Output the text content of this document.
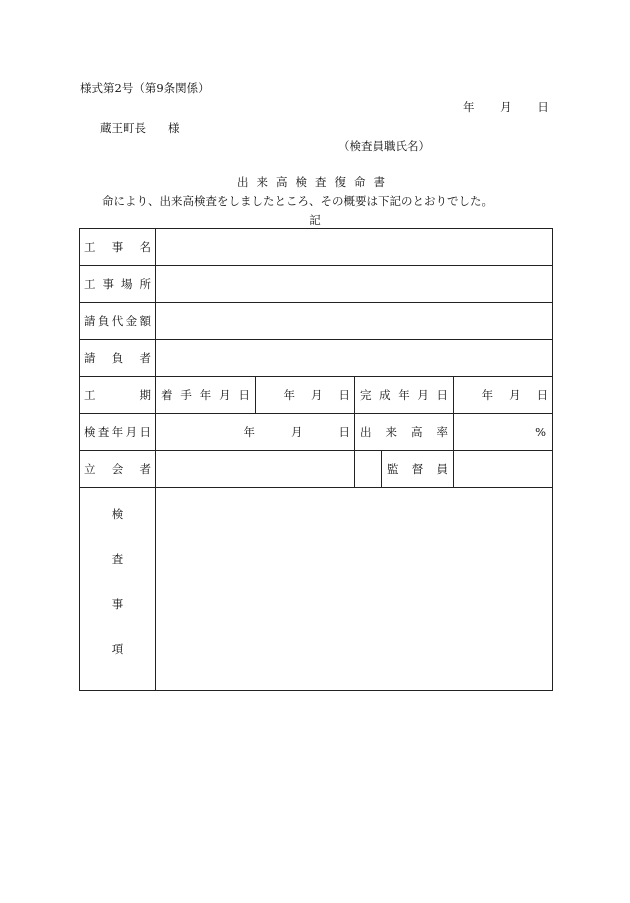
様式第2号（第9条関係）
年 月 日
蔵王町長 様
（検査員職氏名）
出来高検査復命書
命により、出来高検査をしましたところ、その概要は下記のとおりでした。
記
工事名					
工事場所					
請負代金額					
請負者					
工期	着手年月日	年 月 日	完成年月日		年 月 日
検査年月日	年 月 日		出来高率		%
立会者				監督員	

検
査
事
項					
